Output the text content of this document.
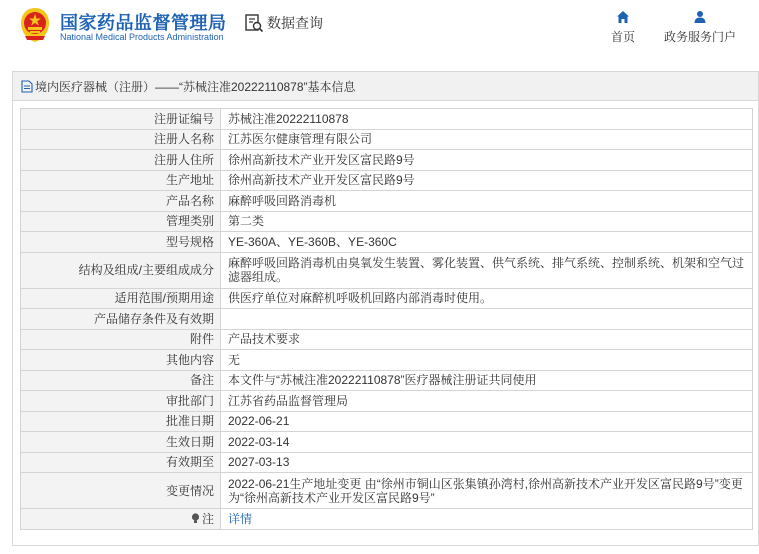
国家药品监督管理局
National Medical Products Administration
数据查询
首页 政务服务门户
境内医疗器械（注册）——“苏械注准20222110878”基本信息
注册证编号	苏械注准20222110878
注册人名称	江苏医尔健康管理有限公司
注册人住所	徐州高新技术产业开发区富民路9号
生产地址	徐州高新技术产业开发区富民路9号
产品名称	麻醉呼吸回路消毒机
管理类别	第二类
型号规格	YE-360A、YE-360B、YE-360C
结构及组成/主要组成成分	麻醉呼吸回路消毒机由臭氧发生装置、雾化装置、供气系统、排气系统、控制系统、机架和空气过滤器组成。
适用范围/预期用途	供医疗单位对麻醉机呼吸机回路内部消毒时使用。
产品储存条件及有效期	
附件	产品技术要求
其他内容	无
备注	本文件与“苏械注准20222110878”医疗器械注册证共同使用
审批部门	江苏省药品监督管理局
批准日期	2022-06-21
生效日期	2022-03-14
有效期至	2027-03-13
变更情况	2022-06-21生产地址变更 由“徐州市铜山区张集镇孙湾村,徐州高新技术产业开发区富民路9号”变更为“徐州高新技术产业开发区富民路9号”
注	详情
